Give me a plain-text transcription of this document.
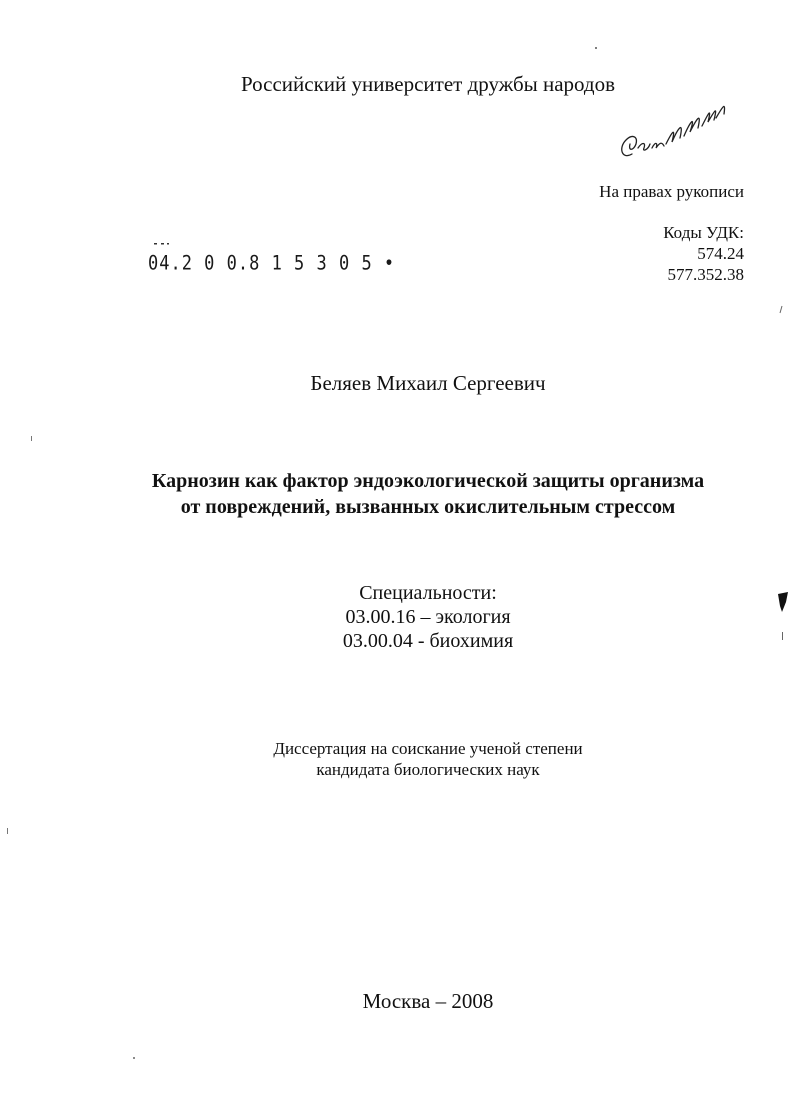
Российский университет дружбы народов
На правах рукописи
Коды УДК:
574.24
577.352.38
04.2 0 0.8 1 5 3 0 5 •
Беляев Михаил Сергеевич
Карнозин как фактор эндоэкологической защиты организма
от повреждений, вызванных окислительным стрессом
Специальности:
03.00.16 – экология
03.00.04 - биохимия
Диссертация на соискание ученой степени
кандидата биологических наук
Москва – 2008
